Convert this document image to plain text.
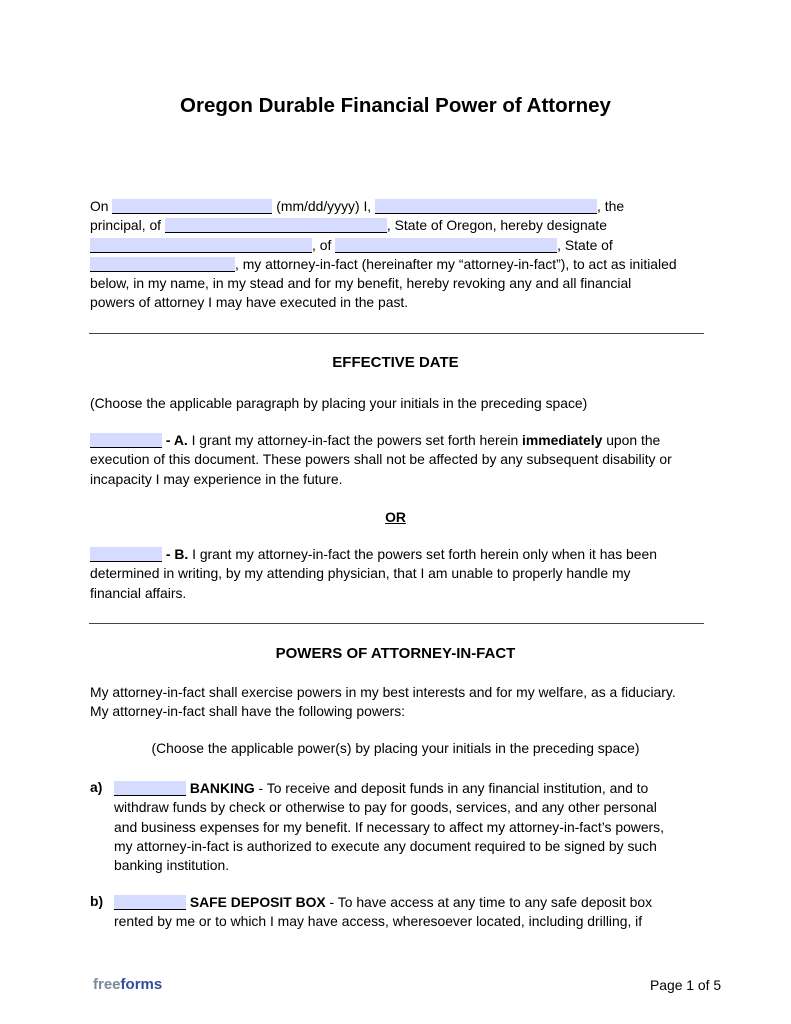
Oregon Durable Financial Power of Attorney

On	(mm/dd/yyyy) I,	, the
principal, of	, State of Oregon, hereby designate
, of	, State of
, my attorney-in-fact (hereinafter my “attorney-in-fact”), to act as initialed
below, in my name, in my stead and for my benefit, hereby revoking any and all financial
powers of attorney I may have executed in the past.

EFFECTIVE DATE

(Choose the applicable paragraph by placing your initials in the preceding space)

- A. I grant my attorney-in-fact the powers set forth herein immediately upon the
execution of this document. These powers shall not be affected by any subsequent disability or
incapacity I may experience in the future.

OR

- B. I grant my attorney-in-fact the powers set forth herein only when it has been
determined in writing, by my attending physician, that I am unable to properly handle my
financial affairs.

POWERS OF ATTORNEY-IN-FACT

My attorney-in-fact shall exercise powers in my best interests and for my welfare, as a fiduciary.
My attorney-in-fact shall have the following powers:

(Choose the applicable power(s) by placing your initials in the preceding space)
a)	BANKING - To receive and deposit funds in any financial institution, and to
withdraw funds by check or otherwise to pay for goods, services, and any other personal
and business expenses for my benefit. If necessary to affect my attorney-in-fact’s powers,
my attorney-in-fact is authorized to execute any document required to be signed by such
banking institution.

b)	SAFE DEPOSIT BOX - To have access at any time to any safe deposit box
rented by me or to which I may have access, wheresoever located, including drilling, if

freeforms	Page 1 of 5
